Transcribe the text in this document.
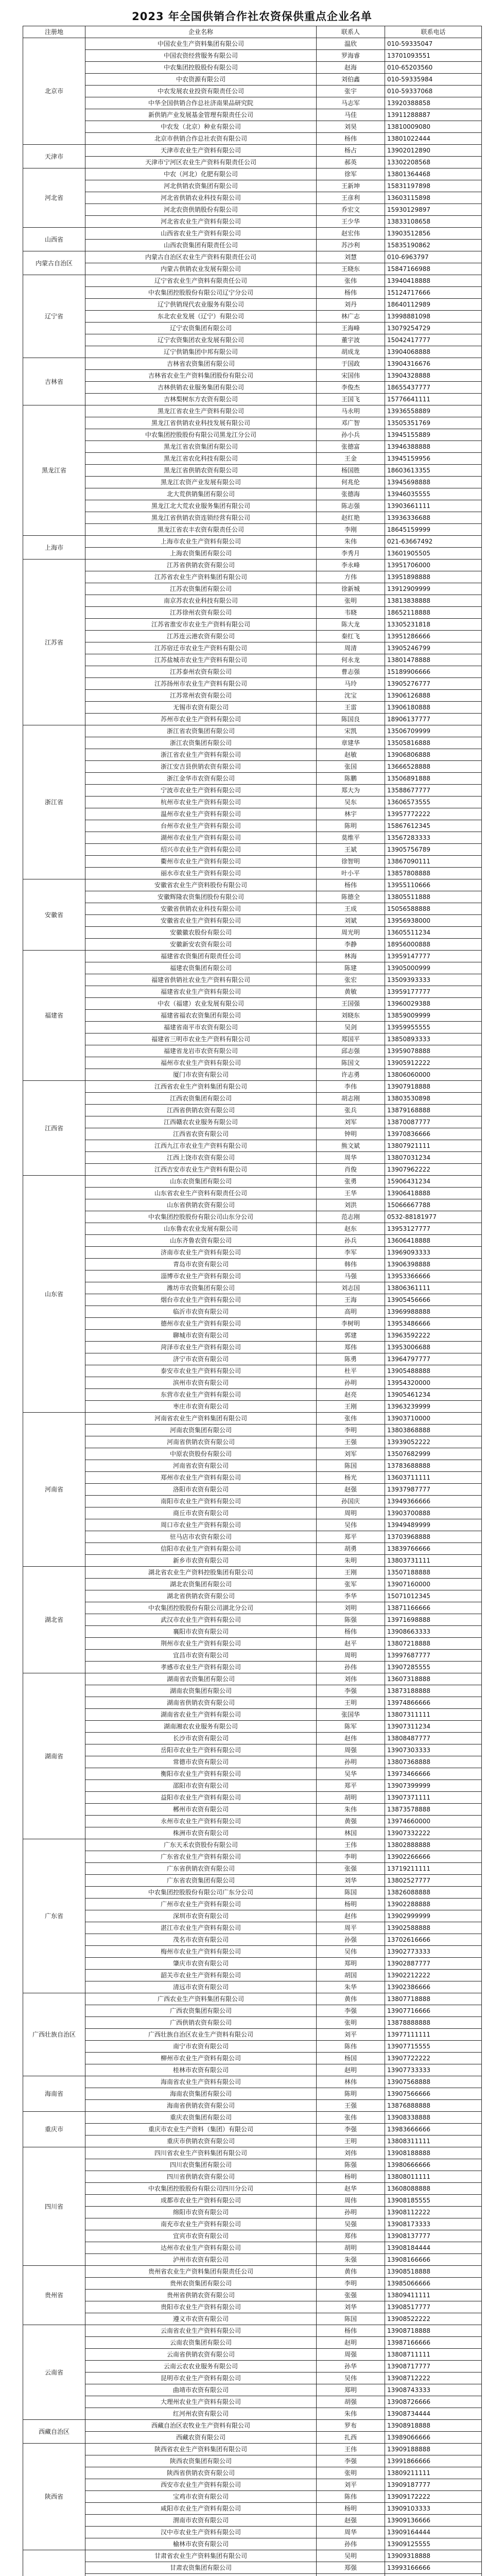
2023 年全国供销合作社农资保供重点企业名单
注册地	企业名称	联系人	联系电话
北京市	中国农业生产资料集团有限公司	温欣	010-59335047
	中国农资经营服务有限公司	罗海睿	13701093551
	中农集团控股股份有限公司	赵海	010-65203560
	中农资源有限公司	刘伯鑫	010-59335984
	中农发展农业投资有限责任公司	张宇	010-59337068
	中华全国供销合作总社济南果品研究院	马志军	13920388858
	新供销产业发展基金管理有限责任公司	马佳	13911288887
	中农发（北京）种业有限公司	刘昊	13810009080
	北京市供销合作总社农资有限公司	杨伟	13801022444
天津市	天津市农业生产资料有限公司	杨占	13902012890
	天津市宁河区农业生产资料有限责任公司	郝英	13302208568
河北省	中农（河北）化肥有限公司	徐军	13801364468
	河北供销农资集团有限公司	王新坤	15831197898
	河北省供销农业科技有限公司	王彦利	13603115898
	河北农资供销股份有限公司	乔宏文	15930129897
	河北省农业生产资料有限公司	王少华	13833108658
山西省	山西省农业生产资料有限公司	赵宏伟	13903512856
	山西农资集团有限责任公司	苏沙利	15835190862
内蒙古自治区	内蒙古自治区农业生产资料有限责任公司	刘慧	010-6963797
	内蒙古供销农业发展有限公司	王晓东	15847166988
辽宁省	辽宁省农业生产资料有限责任公司	张伟	13940418888
	中农集团控股股份有限公司辽宁分公司	杨伟	15124717666
	辽宁供销现代农业服务有限公司	刘丹	18640112989
	东北农业发展（辽宁）有限公司	林广志	13998881098
	辽宁农资集团有限公司	王海峰	13079254729
	辽宁农资集团农业发展有限公司	董宇波	15042417777
	辽宁供销集团中邦有限公司	胡成龙	13904068888
吉林省	吉林省农资集团有限公司	于国政	13904316676
	吉林省农业生产资料集团股份有限公司	宋国伟	13904328888
	吉林供销农业服务集团有限公司	李俊杰	18655437777
	吉林梨树东方农资有限公司	王国飞	15776641111
黑龙江省	黑龙江省农业生产资料有限公司	马永明	13936558889
	黑龙江省供销农业科技发展有限公司	邓广智	13505351769
	中农集团控股股份有限公司黑龙江分公司	孙小兵	13945155889
	黑龙江省农资集团有限公司	张德富	13946388888
	黑龙江省农化科技有限公司	王金	13945159956
	黑龙江省供销农资有限公司	杨国胜	18603613355
	黑龙江农资产业发展有限公司	何兆伦	13945698888
	北大荒供销集团有限公司	张德海	13946035555
	黑龙江北大荒农业服务集团有限公司	陈志强	13903661111
	黑龙江省供销农资连锁经营有限公司	赵红艳	13936336688
	黑龙江省农丰农资有限责任公司	李刚	18645159999
上海市	上海市农业生产资料有限公司	朱伟	021-63667492
	上海农资集团有限公司	李秀月	13601905505
江苏省	江苏省供销农资有限公司	李永峰	13951706000
	江苏省农业生产资料集团有限公司	方伟	13951898888
	江苏农资集团有限公司	徐新城	13912909999
	南京苏农农业科技有限公司	张明	13813838888
	江苏徐州农资有限公司	韦晓	18652118888
	江苏省淮安市农业生产资料有限公司	陈大龙	13305231818
	江苏连云港农资有限公司	秦红飞	13951286666
	江苏宿迁市农业生产资料有限公司	周清	13905246799
	江苏盐城市农业生产资料有限公司	何永龙	13801478888
	江苏泰州农资有限公司	曹志强	15189906666
	江苏扬州市农业生产资料有限公司	马玲	13905276777
	江苏常州农资有限公司	沈宝	13906126888
	无锡市农资有限公司	王雷	13906180888
	苏州市农业生产资料有限公司	陈国良	18906137777
浙江省	浙江省农资集团有限公司	宋凯	13506709999
	浙江农资集团有限公司	章建华	13505816888
	浙江省农业生产资料有限公司	赵敏	13906806888
	浙江安吉县供销农资有限公司	张国	13666528888
	浙江金华市农资有限公司	陈鹏	13506891888
	宁波市农业生产资料有限公司	郑大为	13588677777
	杭州市农业生产资料有限公司	吴东	13606573555
	温州市农业生产资料有限公司	林宇	13957772222
	台州市农业生产资料有限公司	陈明	15867612345
	湖州市农业生产资料有限公司	莫维平	13567283333
	绍兴市农业生产资料有限公司	王斌	13905756789
	衢州市农业生产资料有限公司	徐智明	13867090111
	丽水市农业生产资料有限公司	叶小平	13857808888
安徽省	安徽省农业生产资料股份有限公司	杨伟	13955110666
	安徽辉隆农资集团股份有限公司	陈德全	13805511888
	安徽省供销农业科技有限公司	王成	15056588888
	安徽省农业生产资料有限公司	刘斌	13956938000
	安徽徽农股份有限公司	周光明	13605511234
	安徽新安农资有限公司	李静	18956000888
福建省	福建省农资集团有限责任公司	林海	13959147777
	福建农资集团有限公司	陈建	13905000999
	福建省供销社农业生产资料有限公司	张宏	13509393333
	福建省农业生产资料有限公司	黄敏	13959177777
	中农（福建）农业发展有限公司	王国强	13960029388
	福建省福农农资集团有限公司	刘晓东	13859009999
	福建省南平市农资有限公司	吴剑	13959955555
	福建省三明市农业生产资料有限公司	郑国平	13850893333
	福建省龙岩市农资有限公司	邱志强	13959078888
	福州市农业生产资料有限公司	陈国文	13905912222
	厦门市农资有限公司	许志勇	13806060000
江西省	江西省农业生产资料集团有限公司	李伟	13907918888
	江西农资集团有限公司	胡志刚	13803530898
	江西省供销农资有限公司	张兵	13879168888
	江西赣农农业服务有限公司	刘军	13870087777
	江西省农资有限公司	钟明	13970836666
	江西九江市农业生产资料有限公司	熊文斌	13807921111
	江西上饶市农资有限公司	周华	13807031234
	江西吉安市农业生产资料有限公司	肖俊	13907962222
山东省	山东农资集团有限公司	张勇	15906431234
	山东省农业生产资料有限责任公司	王华	13906418888
	山东省供销农资有限公司	刘洪	15066667788
	中农集团控股股份有限公司山东分公司	范志刚	0532-88181977
	山东鲁农农业发展有限公司	赵东	13953127777
	山东齐鲁农资有限公司	孙兵	13606418888
	济南市农业生产资料有限公司	李军	13969093333
	青岛市农资有限公司	韩伟	13906398888
	淄博市农业生产资料有限公司	马强	13953366666
	潍坊市农资集团有限公司	刘志国	13806361111
	烟台市农业生产资料有限公司	王海	13905456666
	临沂市农资有限公司	高明	13969988888
	德州市农业生产资料有限公司	李树明	13953486666
	聊城市农资有限公司	郭建	13963592222
	菏泽市农业生产资料有限公司	郑伟	13953006688
	济宁市农资有限公司	陈勇	13964797777
	泰安市农业生产资料有限公司	杜平	13905488888
	滨州市农资有限公司	孙明	13954320000
	东营市农业生产资料有限公司	赵亮	13905461234
	枣庄市农资有限公司	王刚	13963239999
河南省	河南省农业生产资料集团有限公司	张伟	13903710000
	河南农资集团有限公司	李明	13803868888
	河南省供销农资有限公司	王强	13939052222
	中原农资股份有限公司	刘军	13507682999
	河南省农资有限公司	陈国	13783688888
	郑州市农业生产资料有限公司	杨光	13603711111
	洛阳市农资有限公司	赵强	13937987777
	南阳市农业生产资料有限公司	孙国庆	13949366666
	商丘市农资有限公司	周明	13903700888
	周口市农业生产资料有限公司	吴伟	13949489999
	驻马店市农资有限公司	郑平	13703968888
	信阳市农业生产资料有限公司	胡勇	13839766666
	新乡市农资有限公司	朱明	13803731111
湖北省	湖北省农业生产资料控股集团有限公司	王刚	13507188888
	湖北农资集团有限公司	张军	13907160000
	湖北省供销农资有限公司	李华	15071012345
	中农集团控股股份有限公司湖北分公司	刘明	13871166666
	武汉市农业生产资料有限公司	陈强	13971698888
	襄阳市农资有限公司	杨伟	13908663333
	荆州市农业生产资料有限公司	赵平	13807218888
	宜昌市农资有限公司	周明	13997687777
	孝感市农业生产资料有限公司	孙伟	13907285555
湖南省	湖南省农资集团有限公司	刘伟	13607318888
	湖南农资集团有限公司	李强	13873188888
	湖南省供销农资有限公司	王明	13974866666
	湖南省农业生产资料有限公司	张国华	13807311111
	湖南湘农农业服务有限公司	陈军	13907311234
	长沙市农资有限公司	赵伟	13808487777
	岳阳市农业生产资料有限公司	周强	13907303333
	常德市农资有限公司	孙明	13807368888
	衡阳市农业生产资料有限公司	吴华	13973466666
	邵阳市农资有限公司	郑平	13907399999
	益阳市农业生产资料有限公司	胡明	13907371111
	郴州市农资有限公司	朱伟	13873578888
	永州市农业生产资料有限公司	黄强	13974660000
	株洲市农资有限公司	林国	13907332222
广东省	广东天禾农资股份有限公司	王伟	13802888888
	广东省农业生产资料有限公司	李明	13902266666
	广东省供销农资有限公司	张强	13719211111
	广东省农资集团有限公司	刘华	13802527777
	中农集团控股股份有限公司广东分公司	陈国	13826088888
	广州市农业生产资料有限公司	杨明	13902288888
	深圳市农资有限公司	赵伟	13902999999
	湛江市农业生产资料有限公司	周平	13902588888
	茂名市农资有限公司	孙强	13702616666
	梅州市农业生产资料有限公司	吴伟	13902773333
	肇庆市农资有限公司	郑明	13902887777
	韶关市农业生产资料有限公司	胡国	13902212222
	清远市农资有限公司	朱华	13902386666
广西壮族自治区	广西农业生产资料集团有限公司	黄伟	13807718888
	广西农资集团有限公司	李强	13907716666
	广西供销农资有限公司	张明	13878888888
	广西壮族自治区农业生产资料有限公司	刘平	13977111111
	南宁市农资有限公司	陈伟	13907715555
	柳州市农业生产资料有限公司	杨国	13907722222
	桂林市农资有限公司	赵明	13907733333
海南省	海南省农业生产资料有限公司	林伟	13907568888
	海南农资集团有限公司	陈明	13907566666
	海南省供销农资有限公司	王强	13876888888
重庆市	重庆农资集团有限公司	张伟	13908338888
	重庆市农业生产资料（集团）有限公司	李强	13983666666
	重庆市供销农资有限公司	王明	13808311111
四川省	四川省农业生产资料集团有限公司	刘伟	13908188888
	四川农资集团有限公司	陈强	13980666666
	四川省供销农资有限公司	杨明	13808011111
	中农集团控股股份有限公司四川分公司	赵华	13608088888
	成都市农业生产资料有限公司	周伟	13908185555
	绵阳市农资有限公司	孙明	13908112222
	南充市农业生产资料有限公司	吴强	13908173333
	宜宾市农资有限公司	郑伟	13908137777
	达州市农业生产资料有限公司	胡明	13908184444
	泸州市农资有限公司	朱强	13908166666
贵州省	贵州省农业生产资料集团有限责任公司	黄伟	13908518888
	贵州农资集团有限公司	李明	13985066666
	贵州省供销农资有限公司	张强	13809411111
	贵阳市农业生产资料有限公司	刘华	13908517777
	遵义市农资有限公司	陈国	13908522222
云南省	云南省农业生产资料有限公司	杨伟	13908718888
	云南农资集团有限公司	赵明	13987166666
	云南省供销农资有限公司	周强	13808711111
	云南云农农业服务有限公司	孙华	13908717777
	昆明市农业生产资料有限公司	吴伟	13908712222
	曲靖市农资有限公司	郑明	13908743333
	大理州农业生产资料有限公司	胡强	13908726666
	红河州农资有限公司	朱伟	13908734444
西藏自治区	西藏自治区农牧业生产资料有限公司	罗布	13908918888
	西藏农资有限公司	扎西	13989066666
陕西省	陕西省农业生产资料集团有限公司	王伟	13909188888
	陕西农资集团有限公司	李强	13991866666
	陕西省供销农资有限公司	张明	13809211111
	西安市农业生产资料有限公司	刘平	13909187777
	宝鸡市农资有限公司	陈伟	13909172222
	咸阳市农业生产资料有限公司	杨明	13909103333
	渭南市农资有限公司	赵强	13909136666
	汉中市农业生产资料有限公司	周华	13909164444
	榆林市农资有限公司	孙伟	13909125555
	甘肃省农业生产资料集团有限公司	吴明	13909318888
	甘肃农资集团有限公司	郑强	13993166666
